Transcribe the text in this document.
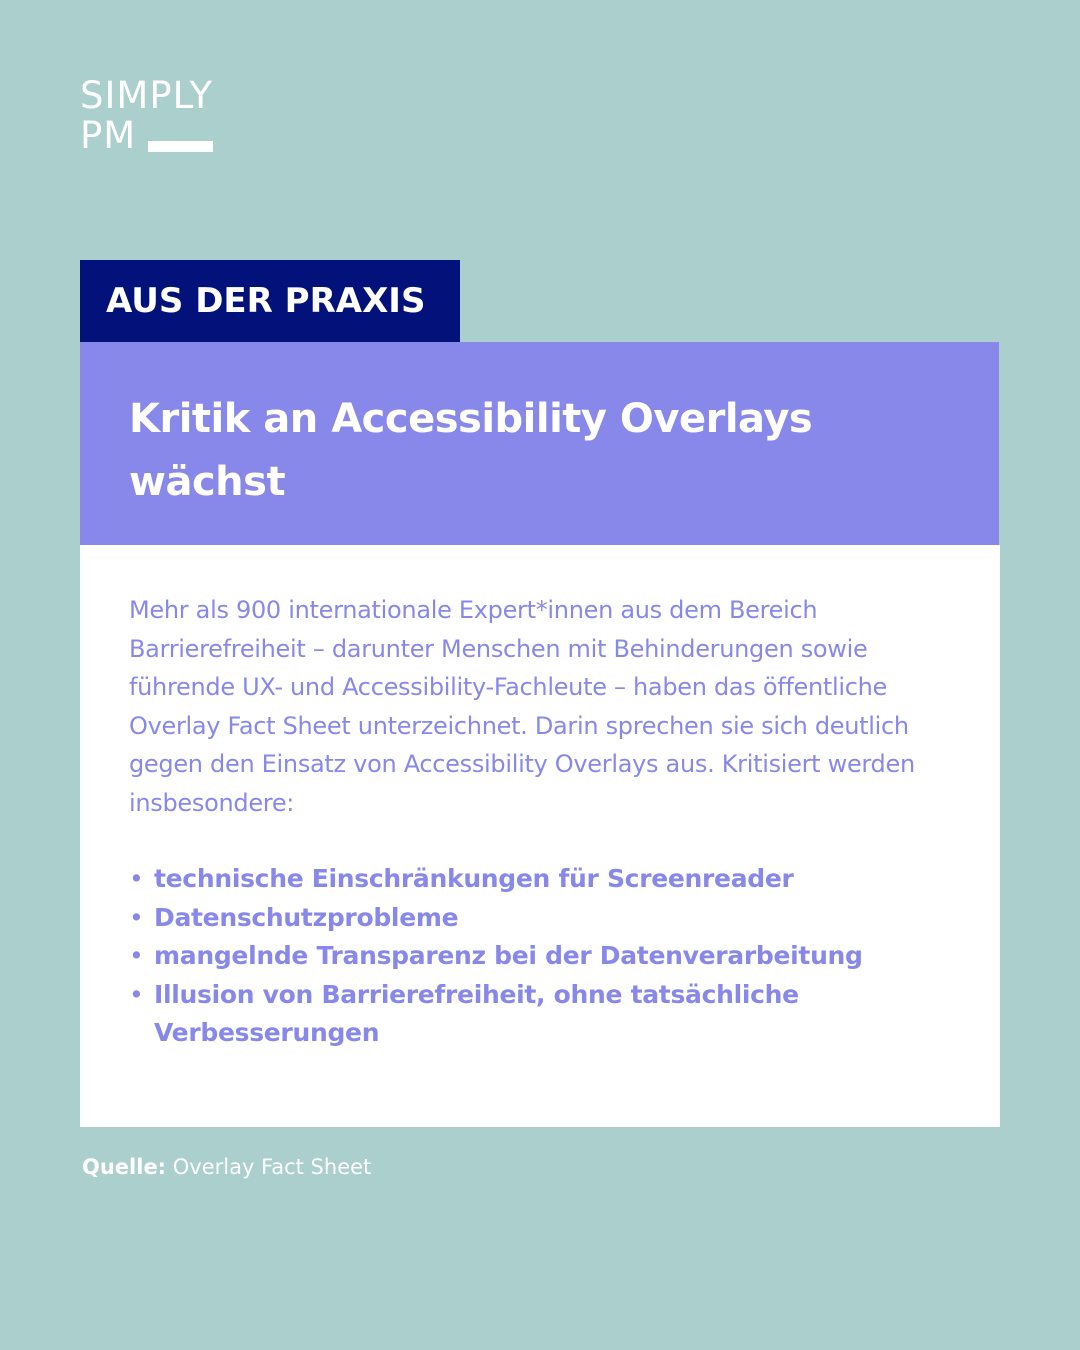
SIMPLY
PM
AUS DER PRAXIS
Kritik an Accessibility Overlays wächst

Mehr als 900 internationale Expert*innen aus dem Bereich Barrierefreiheit – darunter Menschen mit Behinderungen sowie führende UX- und Accessibility-Fachleute – haben das öffentliche Overlay Fact Sheet unterzeichnet. Darin sprechen sie sich deutlich gegen den Einsatz von Accessibility Overlays aus. Kritisiert werden insbesondere:

• technische Einschränkungen für Screenreader
• Datenschutzprobleme
• mangelnde Transparenz bei der Datenverarbeitung
• Illusion von Barrierefreiheit, ohne tatsächliche Verbesserungen
Quelle: Overlay Fact Sheet
